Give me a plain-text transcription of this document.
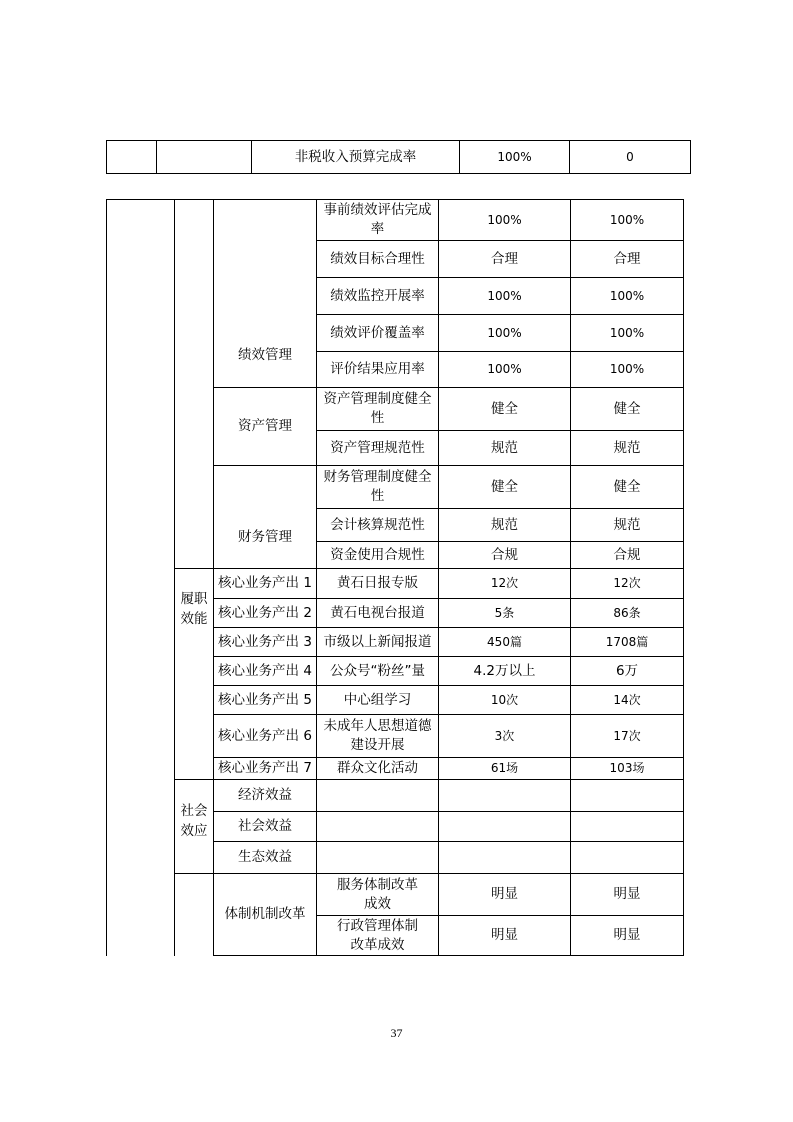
		非税收入预算完成率	100%	0
		绩效管理	事前绩效评估完成率	100%	100%
			绩效目标合理性	合理	合理
			绩效监控开展率	100%	100%
			绩效评价覆盖率	100%	100%
			评价结果应用率	100%	100%
		资产管理	资产管理制度健全性	健全	健全
			资产管理规范性	规范	规范
		财务管理	财务管理制度健全性	健全	健全
			会计核算规范性	规范	规范
			资金使用合规性	合规	合规
	履职效能	核心业务产出 1	黄石日报专版	12次	12次
		核心业务产出 2	黄石电视台报道	5条	86条
		核心业务产出 3	市级以上新闻报道	450篇	1708篇
		核心业务产出 4	公众号“粉丝”量	4.2万以上	6万
		核心业务产出 5	中心组学习	10次	14次
		核心业务产出 6	未成年人思想道德建设开展	3次	17次
		核心业务产出 7	群众文化活动	61场	103场
	社会效应	经济效益			
		社会效益			
		生态效益			
		体制机制改革	服务体制改革成效	明显	明显
			行政管理体制改革成效	明显	明显
37
